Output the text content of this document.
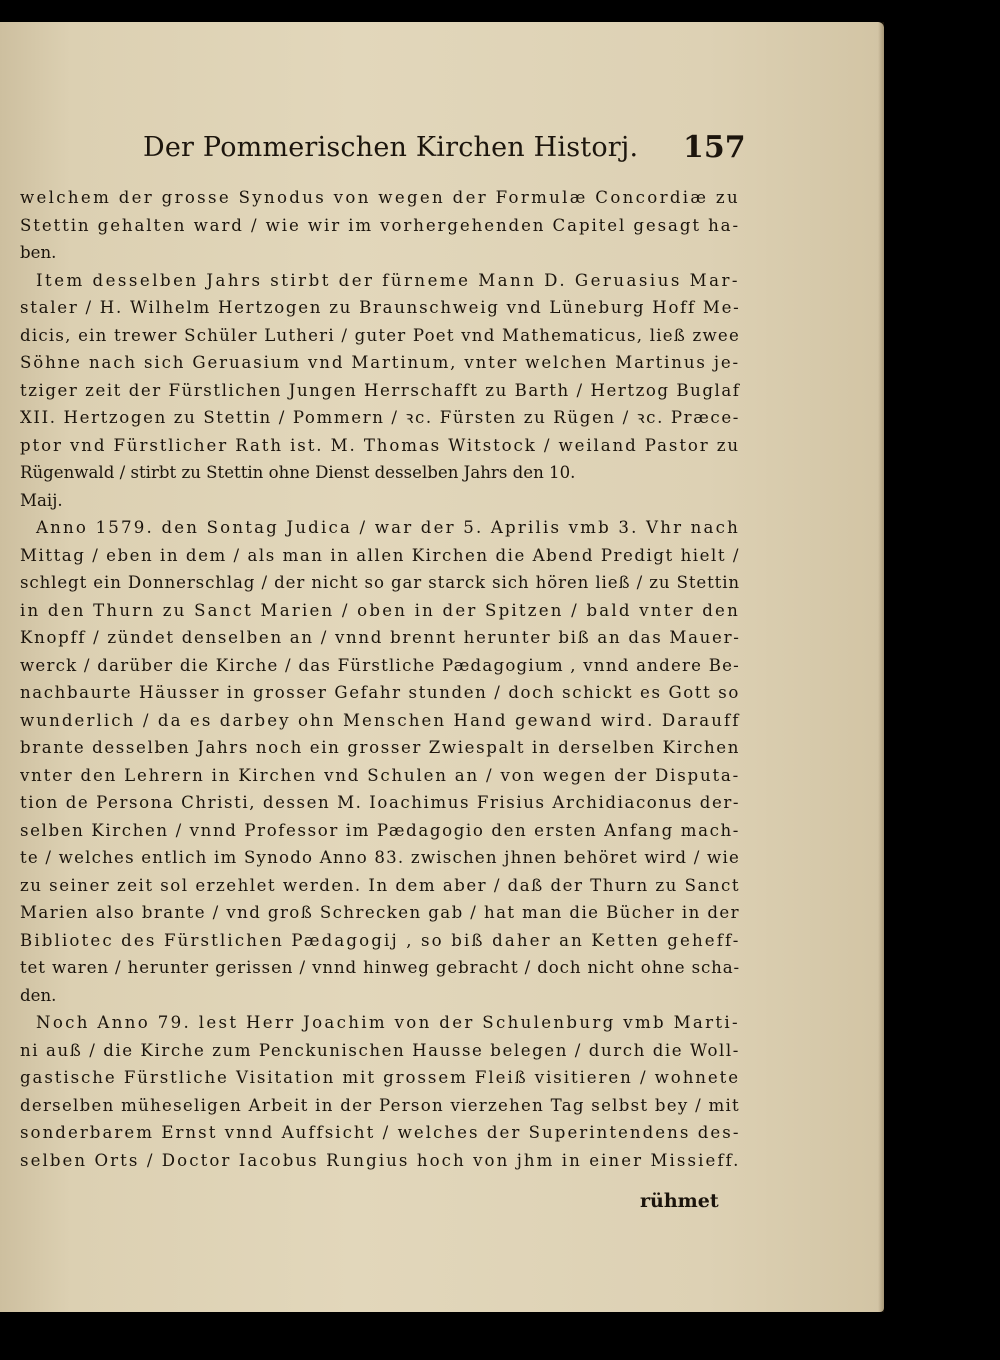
Der Pommerischen Kirchen Historj. 157
welchem der grosse Synodus von wegen der Formulæ Concordiæ zu
Stettin gehalten ward / wie wir im vorhergehenden Capitel gesagt ha-
ben.
Item desselben Jahrs stirbt der fürneme Mann D. Geruasius Mar-
staler / H. Wilhelm Hertzogen zu Braunschweig vnd Lüneburg Hoff Me-
dicis, ein trewer Schüler Lutheri / guter Poet vnd Mathematicus, ließ zwee
Söhne nach sich Geruasium vnd Martinum, vnter welchen Martinus je-
tziger zeit der Fürstlichen Jungen Herrschafft zu Barth / Hertzog Buglaf
XII. Hertzogen zu Stettin / Pommern / ꝛc. Fürsten zu Rügen / ꝛc. Præce-
ptor vnd Fürstlicher Rath ist. M. Thomas Witstock / weiland Pastor zu
Rügenwald / stirbt zu Stettin ohne Dienst desselben Jahrs den 10.
Maij.
Anno 1579. den Sontag Judica / war der 5. Aprilis vmb 3. Vhr nach
Mittag / eben in dem / als man in allen Kirchen die Abend Predigt hielt /
schlegt ein Donnerschlag / der nicht so gar starck sich hören ließ / zu Stettin
in den Thurn zu Sanct Marien / oben in der Spitzen / bald vnter den
Knopff / zündet denselben an / vnnd brennt herunter biß an das Mauer-
werck / darüber die Kirche / das Fürstliche Pædagogium , vnnd andere Be-
nachbaurte Häusser in grosser Gefahr stunden / doch schickt es Gott so
wunderlich / da es darbey ohn Menschen Hand gewand wird. Darauff
brante desselben Jahrs noch ein grosser Zwiespalt in derselben Kirchen
vnter den Lehrern in Kirchen vnd Schulen an / von wegen der Disputa-
tion de Persona Christi, dessen M. Ioachimus Frisius Archidiaconus der-
selben Kirchen / vnnd Professor im Pædagogio den ersten Anfang mach-
te / welches entlich im Synodo Anno 83. zwischen jhnen behöret wird / wie
zu seiner zeit sol erzehlet werden. In dem aber / daß der Thurn zu Sanct
Marien also brante / vnd groß Schrecken gab / hat man die Bücher in der
Bibliotec des Fürstlichen Pædagogij , so biß daher an Ketten geheff-
tet waren / herunter gerissen / vnnd hinweg gebracht / doch nicht ohne scha-
den.
Noch Anno 79. lest Herr Joachim von der Schulenburg vmb Marti-
ni auß / die Kirche zum Penckunischen Hausse belegen / durch die Woll-
gastische Fürstliche Visitation mit grossem Fleiß visitieren / wohnete
derselben müheseligen Arbeit in der Person vierzehen Tag selbst bey / mit
sonderbarem Ernst vnnd Auffsicht / welches der Superintendens des-
selben Orts / Doctor Iacobus Rungius hoch von jhm in einer Missieff.
rühmet
